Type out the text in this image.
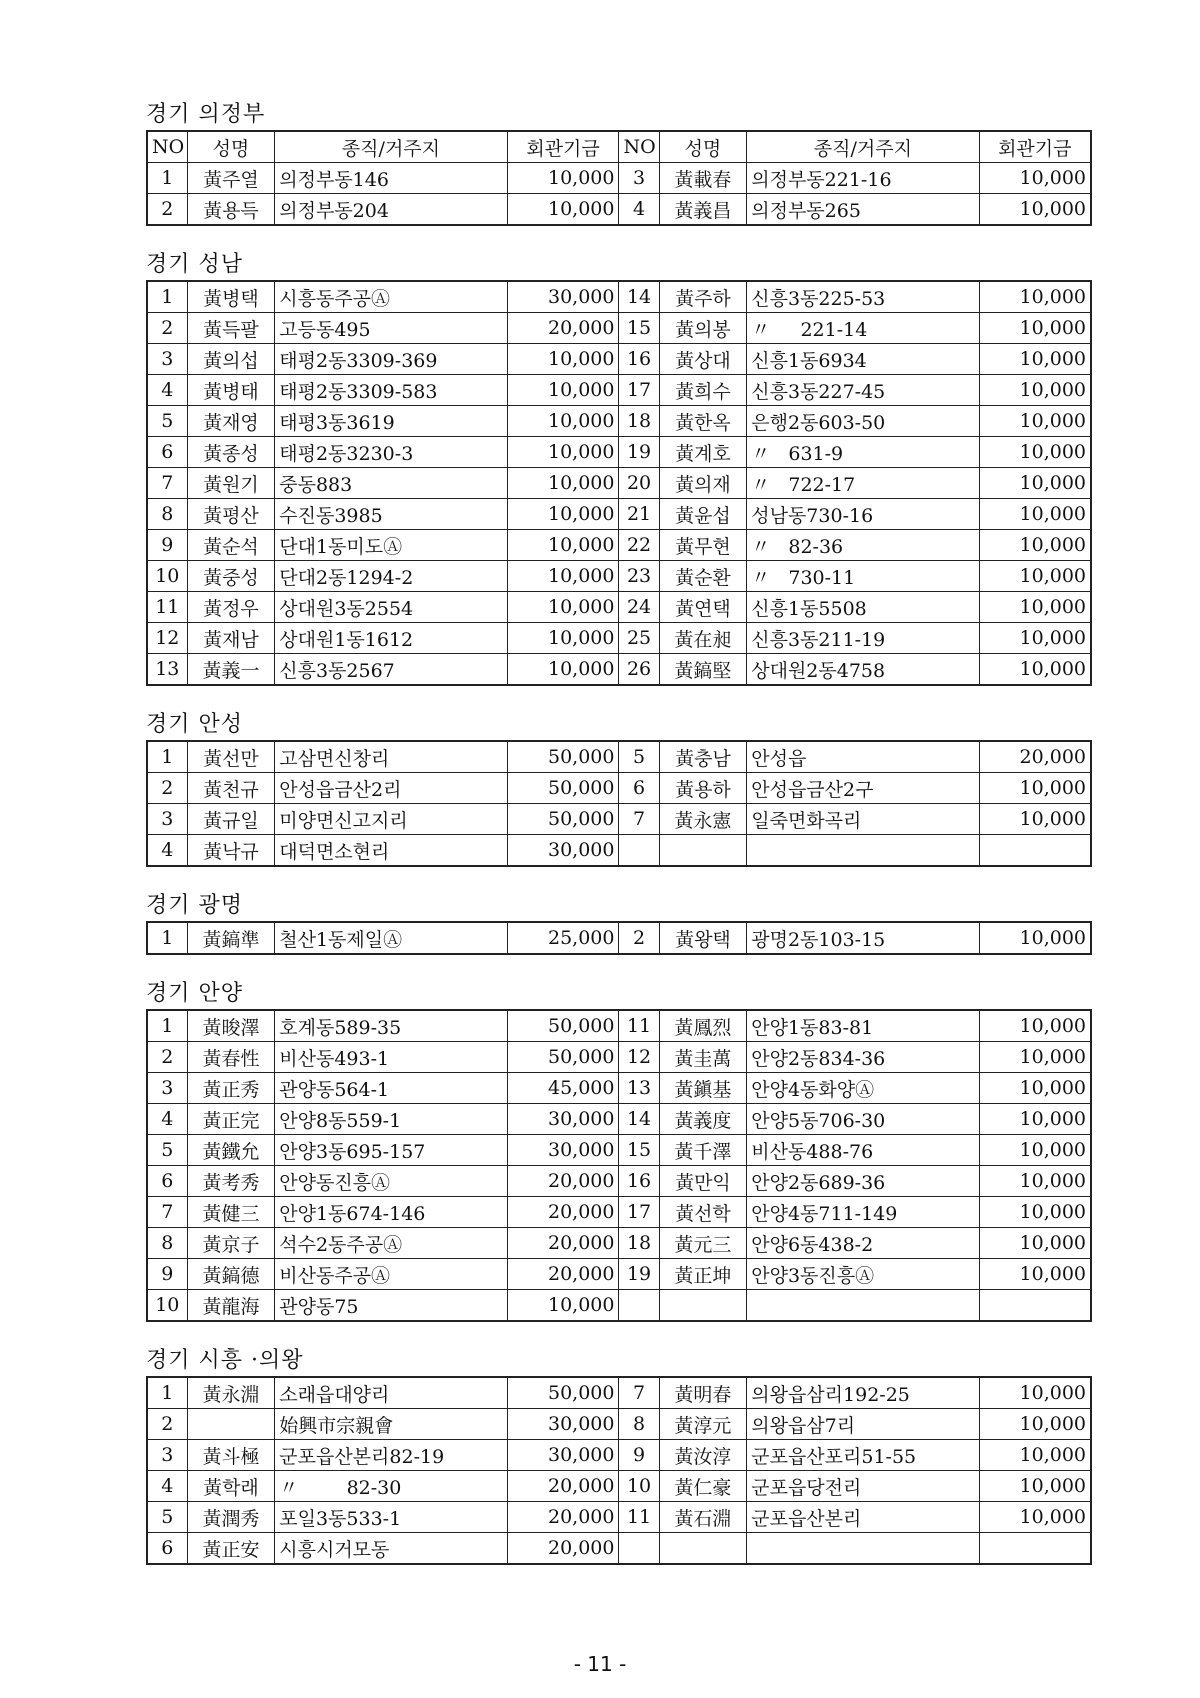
경기 의정부
NO	성명	종직/거주지	회관기금	NO	성명	종직/거주지	회관기금
1	黃주열	의정부동146	10,000	3	黃載春	의정부동221-16	10,000
2	黃용득	의정부동204	10,000	4	黃義昌	의정부동265	10,000
경기 성남
1	黃병택	시흥동주공Ⓐ	30,000	14	黃주하	신흥3동225-53	10,000
2	黃득팔	고등동495	20,000	15	黃의봉	〃     221-14	10,000
3	黃의섭	태평2동3309-369	10,000	16	黃상대	신흥1동6934	10,000
4	黃병태	태평2동3309-583	10,000	17	黃희수	신흥3동227-45	10,000
5	黃재영	태평3동3619	10,000	18	黃한옥	은행2동603-50	10,000
6	黃종성	태평2동3230-3	10,000	19	黃계호	〃   631-9	10,000
7	黃원기	중동883	10,000	20	黃의재	〃   722-17	10,000
8	黃평산	수진동3985	10,000	21	黃윤섭	성남동730-16	10,000
9	黃순석	단대1동미도Ⓐ	10,000	22	黃무현	〃   82-36	10,000
10	黃중성	단대2동1294-2	10,000	23	黃순환	〃   730-11	10,000
11	黃정우	상대원3동2554	10,000	24	黃연택	신흥1동5508	10,000
12	黃재남	상대원1동1612	10,000	25	黃在昶	신흥3동211-19	10,000
13	黃義一	신흥3동2567	10,000	26	黃鎬堅	상대원2동4758	10,000
경기 안성
1	黃선만	고삼면신창리	50,000	5	黃충남	안성읍	20,000
2	黃천규	안성읍금산2리	50,000	6	黃용하	안성읍금산2구	10,000
3	黃규일	미양면신고지리	50,000	7	黃永憲	일죽면화곡리	10,000
4	黃낙규	대덕면소현리	30,000				
경기 광명
1	黃鎬準	철산1동제일Ⓐ	25,000	2	黃왕택	광명2동103-15	10,000
경기 안양
1	黃晙澤	호계동589-35	50,000	11	黃鳳烈	안양1동83-81	10,000
2	黃春性	비산동493-1	50,000	12	黃圭萬	안양2동834-36	10,000
3	黃正秀	관양동564-1	45,000	13	黃鎭基	안양4동화양Ⓐ	10,000
4	黃正完	안양8동559-1	30,000	14	黃義度	안양5동706-30	10,000
5	黃鐵允	안양3동695-157	30,000	15	黃千澤	비산동488-76	10,000
6	黃考秀	안양동진흥Ⓐ	20,000	16	黃만익	안양2동689-36	10,000
7	黃健三	안양1동674-146	20,000	17	黃선학	안양4동711-149	10,000
8	黃京子	석수2동주공Ⓐ	20,000	18	黃元三	안양6동438-2	10,000
9	黃鎬德	비산동주공Ⓐ	20,000	19	黃正坤	안양3동진흥Ⓐ	10,000
10	黃龍海	관양동75	10,000				
경기 시흥 ·의왕
1	黃永淵	소래읍대양리	50,000	7	黃明春	의왕읍삼리192-25	10,000
2		始興市宗親會	30,000	8	黃淳元	의왕읍삼7리	10,000
3	黃斗極	군포읍산본리82-19	30,000	9	黃汝淳	군포읍산포리51-55	10,000
4	黃학래	〃        82-30	20,000	10	黃仁豪	군포읍당전리	10,000
5	黃潤秀	포일3동533-1	20,000	11	黃石淵	군포읍산본리	10,000
6	黃正安	시흥시거모동	20,000				
- 11 -
